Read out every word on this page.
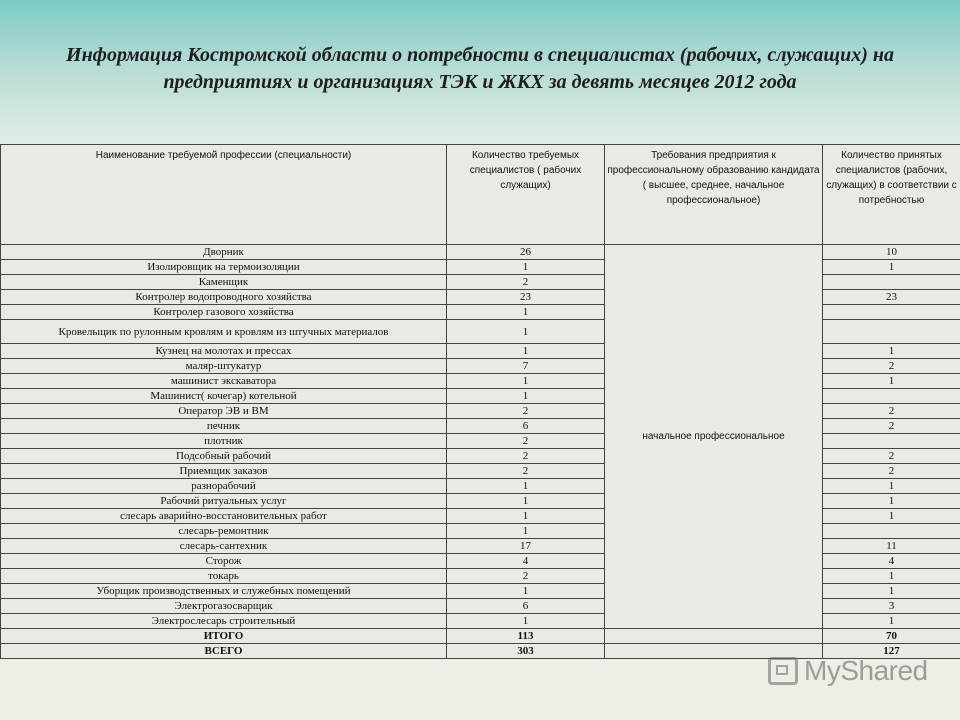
Информация Костромской области о потребности в специалистах (рабочих, служащих) на предприятиях и организациях ТЭК и ЖКХ за девять месяцев 2012 года
Наименование требуемой профессии (специальности)	Количество требуемых специалистов ( рабочих служащих)	Требования предприятия к профессиональному образованию кандидата ( высшее, среднее, начальное профессиональное)	Количество принятых специалистов (рабочих, служащих) в соответствии с потребностью
Дворник	26	начальное профессиональное	10
Изолировщик на термоизоляции	1		1
Каменщик	2		
Контролер водопроводного хозяйства	23		23
Контролер газового хозяйства	1		
Кровельщик по рулонным кровлям и кровлям из штучных материалов	1		
Кузнец на молотах и прессах	1		1
маляр-штукатур	7		2
машинист экскаватора	1		1
Машинист( кочегар) котельной	1		
Оператор ЭВ и ВМ	2		2
печник	6		2
плотник	2		
Подсобный рабочий	2		2
Приемщик заказов	2		2
разнорабочий	1		1
Рабочий ритуальных услуг	1		1
слесарь аварийно-восстановительных работ	1		1
слесарь-ремонтник	1		
слесарь-сантехник	17		11
Сторож	4		4
токарь	2		1
Уборщик производственных и служебных помещений	1		1
Электрогазосварщик	6		3
Электрослесарь строительный	1		1
ИТОГО	113		70
ВСЕГО	303		127
MyShared
